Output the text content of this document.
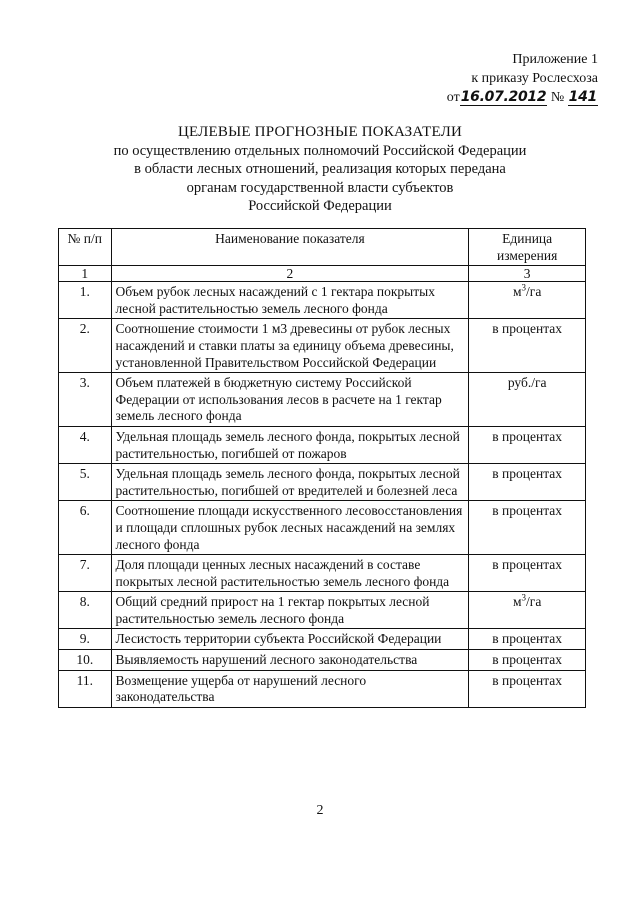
Приложение 1
к приказу Рослесхоза
от16.07.2012 № 141
ЦЕЛЕВЫЕ ПРОГНОЗНЫЕ ПОКАЗАТЕЛИ
по осуществлению отдельных полномочий Российской Федерации
в области лесных отношений, реализация которых передана
органам государственной власти субъектов
Российской Федерации
№ п/п	Наименование показателя	Единица измерения
1	2	3
1.	Объем рубок лесных насаждений с 1 гектара покрытых лесной растительностью земель лесного фонда	$м^3/га$
2.	Соотношение стоимости 1 м3 древесины от рубок лесных насаждений и ставки платы за единицу объема древесины, установленной Правительством Российской Федерации	в процентах
3.	Объем платежей в бюджетную систему Российской Федерации от использования лесов в расчете на 1 гектар земель лесного фонда	руб./га
4.	Удельная площадь земель лесного фонда, покрытых лесной растительностью, погибшей от пожаров	в процентах
5.	Удельная площадь земель лесного фонда, покрытых лесной растительностью, погибшей от вредителей и болезней леса	в процентах
6.	Соотношение площади искусственного лесовосстановления и площади сплошных рубок лесных насаждений на землях лесного фонда	в процентах
7.	Доля площади ценных лесных насаждений в составе покрытых лесной растительностью земель лесного фонда	в процентах
8.	Общий средний прирост на 1 гектар покрытых лесной растительностью земель лесного фонда	$м^3/га$
9.	Лесистость территории субъекта Российской Федерации	в процентах
10.	Выявляемость нарушений лесного законодательства	в процентах
11.	Возмещение ущерба от нарушений лесного законодательства	в процентах
2
